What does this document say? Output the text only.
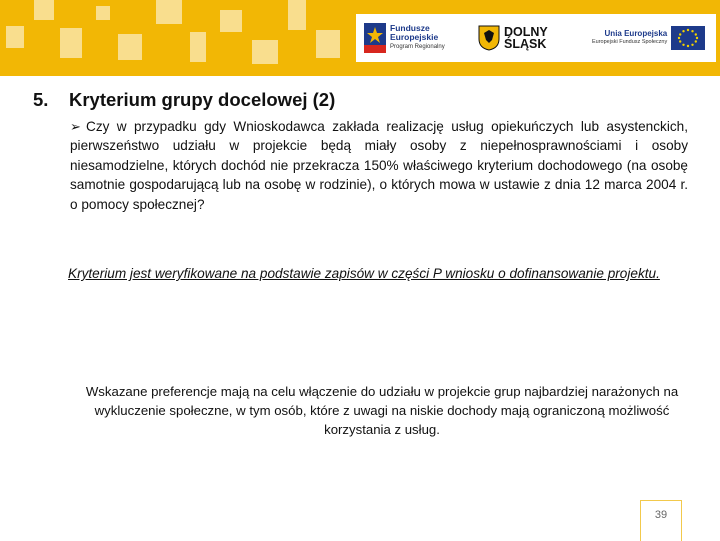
Fundusze
Europejskie
Program Regionalny
DOLNY
ŚLĄSK
Unia Europejska
Europejski Fundusz Społeczny
5. Kryterium grupy docelowej (2)

➢ Czy w przypadku gdy Wnioskodawca zakłada realizację usług opiekuńczych lub asystenckich, pierwszeństwo udziału w projekcie będą miały osoby z niepełnosprawnościami i osoby niesamodzielne, których dochód nie przekracza 150% właściwego kryterium dochodowego (na osobę samotnie gospodarującą lub na osobę w rodzinie), o których mowa w ustawie z dnia 12 marca 2004 r. o pomocy społecznej?

Kryterium jest weryfikowane na podstawie zapisów w części P wniosku o dofinansowanie projektu.

Wskazane preferencje mają na celu włączenie do udziału w projekcie grup najbardziej narażonych na wykluczenie społeczne, w tym osób, które z uwagi na niskie dochody mają ograniczoną możliwość korzystania z usług.

39
